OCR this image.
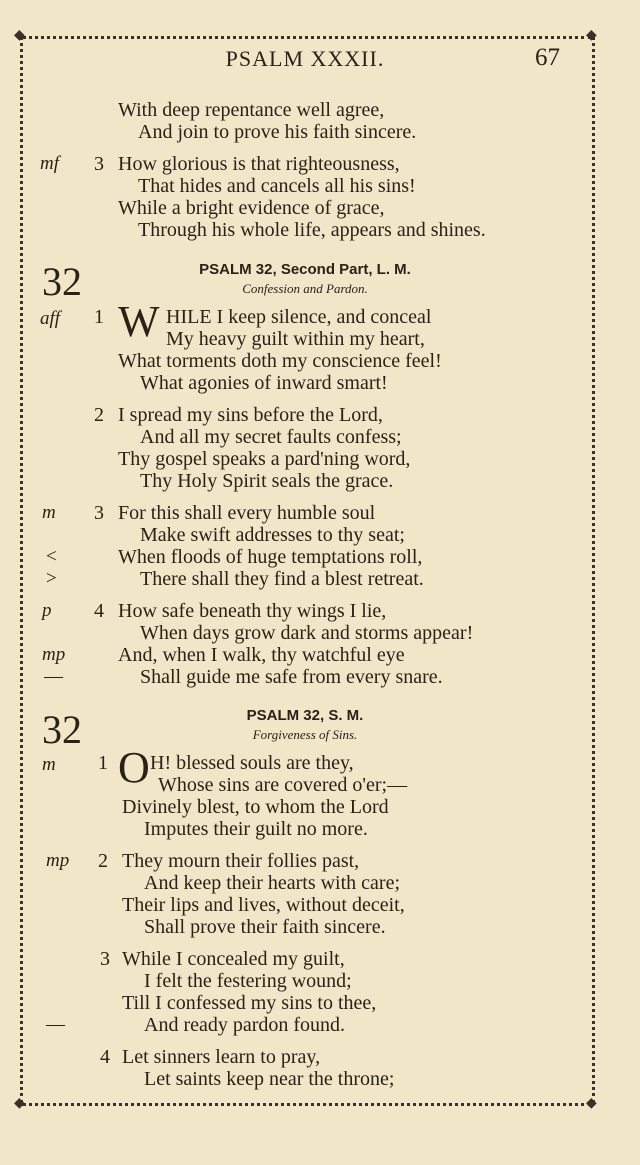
◆	◆
◆	◆
PSALM XXXII.	67
With deep repentance well agree,
And join to prove his faith sincere.
mf 3 How glorious is that righteousness,
That hides and cancels all his sins!
While a bright evidence of grace,
Through his whole life, appears and shines.
32	PSALM 32, Second Part, L. M.
Confession and Pardon.
aff 1 W HILE I keep silence, and conceal
My heavy guilt within my heart,
What torments doth my conscience feel!
What agonies of inward smart!
2 I spread my sins before the Lord,
And all my secret faults confess;
Thy gospel speaks a pard'ning word,
Thy Holy Spirit seals the grace.
m 3 For this shall every humble soul
Make swift addresses to thy seat;
<	When floods of huge temptations roll,
>	There shall they find a blest retreat.
p 4 How safe beneath thy wings I lie,
When days grow dark and storms appear!
mp	And, when I walk, thy watchful eye
—	Shall guide me safe from every snare.
32	PSALM 32, S. M.
Forgiveness of Sins.
m 1 O H! blessed souls are they,
Whose sins are covered o'er;—
Divinely blest, to whom the Lord
Imputes their guilt no more.
mp 2 They mourn their follies past,
And keep their hearts with care;
Their lips and lives, without deceit,
Shall prove their faith sincere.
3 While I concealed my guilt,
I felt the festering wound;
Till I confessed my sins to thee,
—	And ready pardon found.
4 Let sinners learn to pray,
Let saints keep near the throne;
